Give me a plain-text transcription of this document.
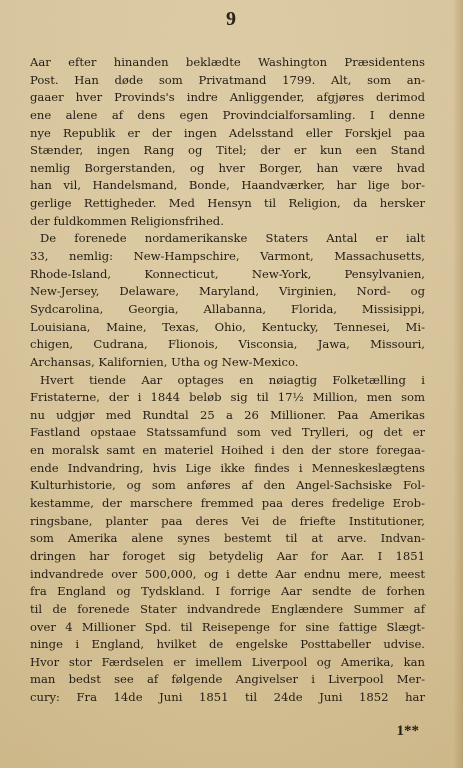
9
Aar efter hinanden beklædte Washington Præsidentens
Post. Han døde som Privatmand 1799. Alt, som an-
gaaer hver Provinds's indre Anliggender, afgjøres derimod
ene alene af dens egen Provindcialforsamling. I denne
nye Republik er der ingen Adelsstand eller Forskjel paa
Stænder, ingen Rang og Titel; der er kun een Stand
nemlig Borgerstanden, og hver Borger, han være hvad
han vil, Handelsmand, Bonde, Haandværker, har lige bor-
gerlige Rettigheder. Med Hensyn til Religion, da hersker
der fuldkommen Religionsfrihed.
De forenede nordamerikanske Staters Antal er ialt
33, nemlig: New-Hampschire, Varmont, Massachusetts,
Rhode-Island, Konnecticut, New-York, Pensylvanien,
New-Jersey, Delaware, Maryland, Virginien, Nord- og
Sydcarolina, Georgia, Allabanna, Florida, Missisippi,
Louisiana, Maine, Texas, Ohio, Kentucky, Tennesei, Mi-
chigen, Cudrana, Flionois, Visconsia, Jawa, Missouri,
Archansas, Kalifornien, Utha og New-Mexico.
Hvert tiende Aar optages en nøiagtig Folketælling i
Fristaterne, der i 1844 beløb sig til 17½ Million, men som
nu udgjør med Rundtal 25 a 26 Millioner. Paa Amerikas
Fastland opstaae Statssamfund som ved Trylleri, og det er
en moralsk samt en materiel Hoihed i den der store foregaa-
ende Indvandring, hvis Lige ikke findes i Menneskeslægtens
Kulturhistorie, og som anføres af den Angel-Sachsiske Fol-
kestamme, der marschere fremmed paa deres fredelige Erob-
ringsbane, planter paa deres Vei de friefte Institutioner,
som Amerika alene synes bestemt til at arve. Indvan-
dringen har foroget sig betydelig Aar for Aar. I 1851
indvandrede over 500,000, og i dette Aar endnu mere, meest
fra England og Tydskland. I forrige Aar sendte de forhen
til de forenede Stater indvandrede Englændere Summer af
over 4 Millioner Spd. til Reisepenge for sine fattige Slægt-
ninge i England, hvilket de engelske Posttabeller udvise.
Hvor stor Færdselen er imellem Liverpool og Amerika, kan
man bedst see af følgende Angivelser i Liverpool Mer-
cury: Fra 14de Juni 1851 til 24de Juni 1852 har
1**
